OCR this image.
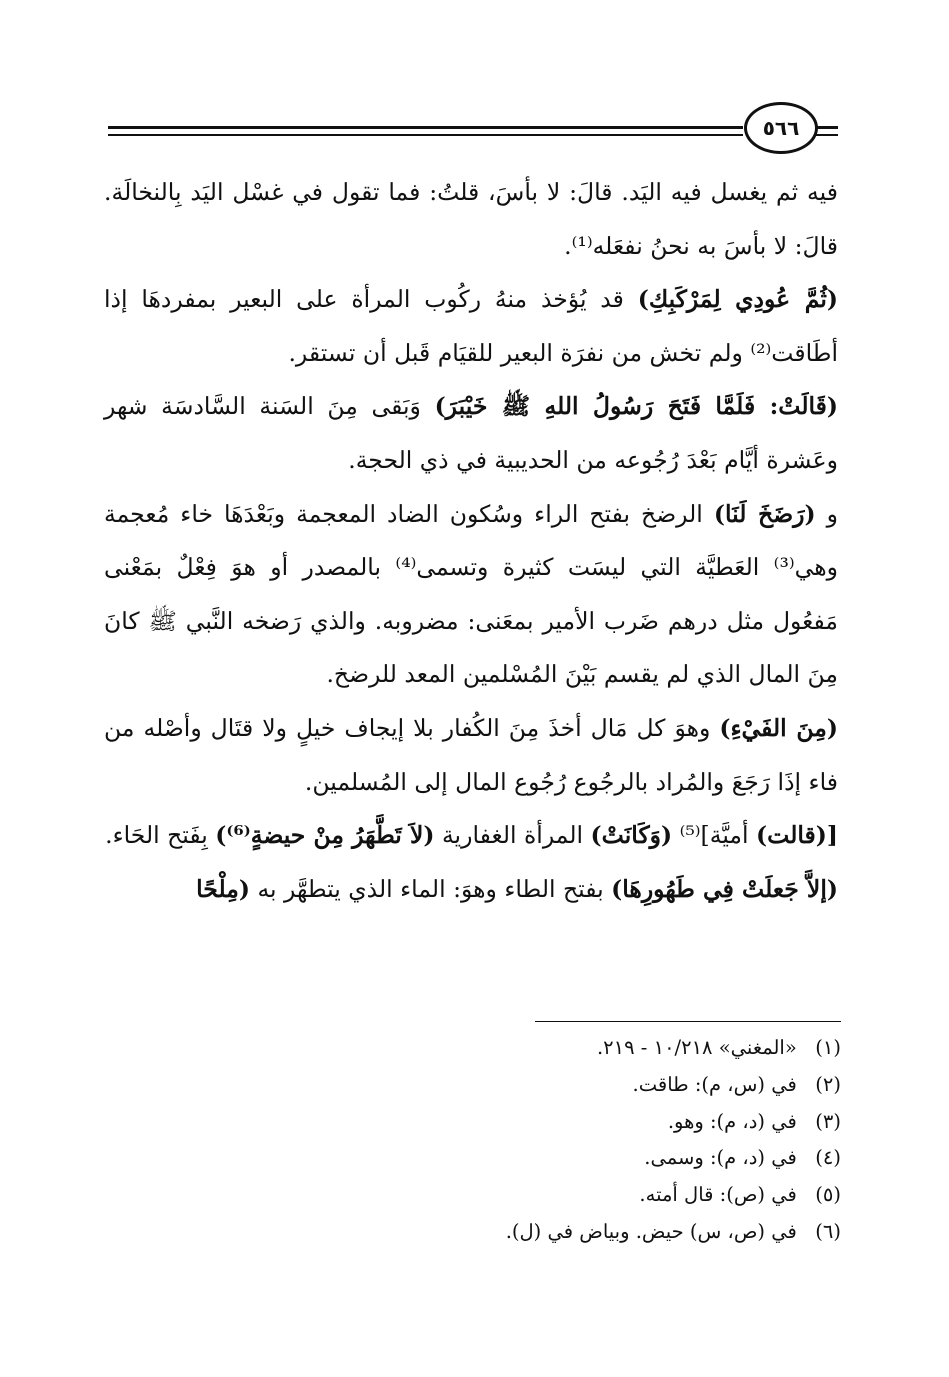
٥٦٦

فيه ثم يغسل فيه اليَد. قالَ: لا بأسَ، قلتُ: فما تقول في غسْل اليَد بِالنخالَة. قالَ: لا بأسَ به نحنُ نفعَله⁽¹⁾.

(ثُمَّ عُودِي لِمَرْكَبِكِ) قد يُؤخذ منهُ ركُوب المرأة على البعير بمفردهَا إذا أطَاقت⁽²⁾ ولم تخش من نفرَة البعير للقيَام قَبل أن تستقر.

(قَالَتْ: فَلَمَّا فَتَحَ رَسُولُ اللهِ ﷺ خَيْبَرَ) وَبَقى مِنَ السَنة السَّادسَة شهر وعَشرة أيَّام بَعْدَ رُجُوعه من الحديبية في ذي الحجة.

و (رَضَخَ لَنَا) الرضخ بفتح الراء وسُكون الضاد المعجمة وبَعْدَهَا خاء مُعجمة وهي⁽³⁾ العَطيَّة التي ليسَت كثيرة وتسمى⁽⁴⁾ بالمصدر أو هوَ فِعْلٌ بمَعْنى مَفعُول مثل درهم ضَرب الأمير بمعَنى: مضروبه. والذي رَضخه النَّبي ﷺ كانَ مِنَ المال الذي لم يقسم بَيْنَ المُسْلمين المعد للرضخ.

(مِنَ الفَيْءِ) وهوَ كل مَال أخذَ مِنَ الكُفار بلا إيجاف خيلٍ ولا قتَال وأصْله من فاء إذَا رَجَعَ والمُراد بالرجُوع رُجُوع المال إلى المُسلمين.

[(قالت) أميَّة]⁽⁵⁾ (وَكَانَتْ) المرأة الغفارية (لاَ تَطَّهَرُ مِنْ حيضةٍ⁽⁶⁾) بِفَتح الحَاء.

(إلاَّ جَعلَتْ فِي طَهُورِهَا) بفتح الطاء وهوَ: الماء الذي يتطهَّر به (مِلْحًا

(١) «المغني» ١٠/٢١٨ - ٢١٩.
(٢) في (س، م): طاقت.
(٣) في (د، م): وهو.
(٤) في (د، م): وسمى.
(٥) في (ص): قال أمته.
(٦) في (ص، س) حيض. وبياض في (ل).
